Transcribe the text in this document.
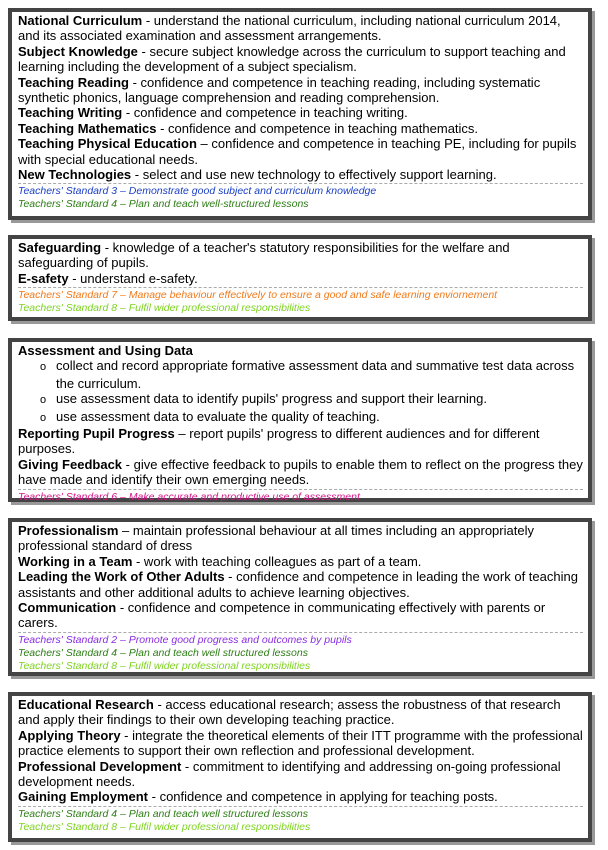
National Curriculum - understand the national curriculum, including national curriculum 2014, and its associated examination and assessment arrangements.

Subject Knowledge - secure subject knowledge across the curriculum to support teaching and learning including the development of a subject specialism.

Teaching Reading - confidence and competence in teaching reading, including systematic synthetic phonics, language comprehension and reading comprehension.

Teaching Writing - confidence and competence in teaching writing.

Teaching Mathematics - confidence and competence in teaching mathematics.

Teaching Physical Education – confidence and competence in teaching PE, including for pupils with special educational needs.

New Technologies - select and use new technology to effectively support learning.

Teachers' Standard 3 – Demonstrate good subject and curriculum knowledge

Teachers' Standard 4 – Plan and teach well-structured lessons

Safeguarding - knowledge of a teacher's statutory responsibilities for the welfare and safeguarding of pupils.

E-safety - understand e-safety.

Teachers' Standard 7 – Manage behaviour effectively to ensure a good and safe learning enviornement

Teachers' Standard 8 – Fulfil wider professional responsibilities

Assessment and Using Data

o collect and record appropriate formative assessment data and summative test data across the curriculum.

o use assessment data to identify pupils' progress and support their learning.

o use assessment data to evaluate the quality of teaching.

Reporting Pupil Progress – report pupils' progress to different audiences and for different purposes.

Giving Feedback - give effective feedback to pupils to enable them to reflect on the progress they have made and identify their own emerging needs.

Teachers' Standard 6 – Make accurate and productive use of assessment

Professionalism – maintain professional behaviour at all times including an appropriately professional standard of dress

Working in a Team - work with teaching colleagues as part of a team.

Leading the Work of Other Adults - confidence and competence in leading the work of teaching assistants and other additional adults to achieve learning objectives.

Communication - confidence and competence in communicating effectively with parents or carers.

Teachers' Standard 2 – Promote good progress and outcomes by pupils

Teachers' Standard 4 – Plan and teach well structured lessons

Teachers' Standard 8 – Fulfil wider professional responsibilities

Educational Research - access educational research; assess the robustness of that research and apply their findings to their own developing teaching practice.

Applying Theory - integrate the theoretical elements of their ITT programme with the professional practice elements to support their own reflection and professional development.

Professional Development - commitment to identifying and addressing on-going professional development needs.

Gaining Employment - confidence and competence in applying for teaching posts.

Teachers' Standard 4 – Plan and teach well structured lessons

Teachers' Standard 8 – Fulfil wider professional responsibilities
